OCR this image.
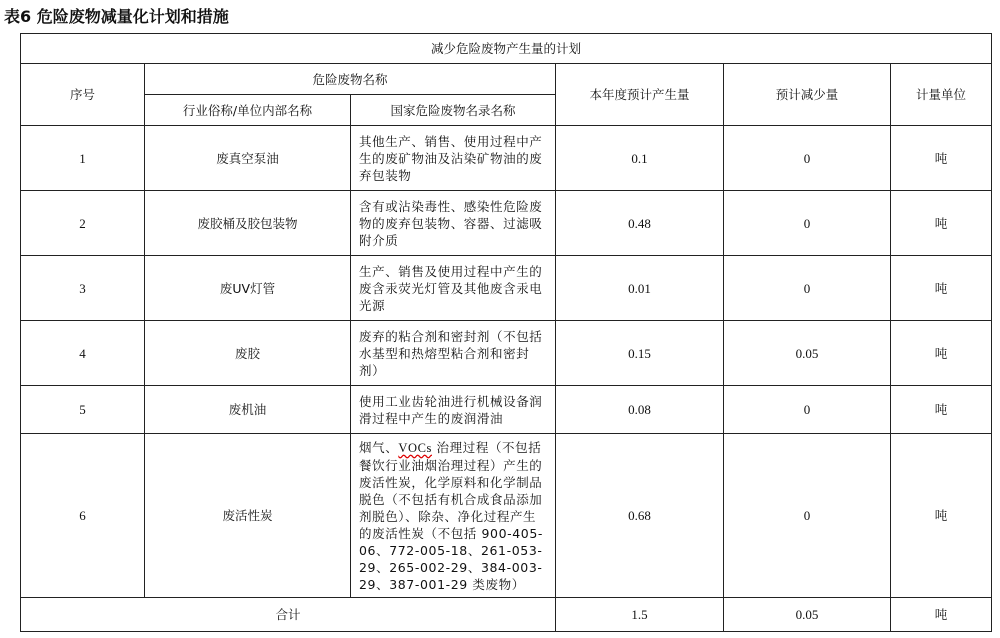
表6 危险废物减量化计划和措施
减少危险废物产生量的计划					
序号	危险废物名称		本年度预计产生量	预计减少量	计量单位
	行业俗称/单位内部名称	国家危险废物名录名称			
1	废真空泵油	其他生产、销售、使用过程中产生的废矿物油及沾染矿物油的废弃包装物	0.1	0	吨
2	废胶桶及胶包装物	含有或沾染毒性、感染性危险废物的废弃包装物、容器、过滤吸附介质	0.48	0	吨
3	废UV灯管	生产、销售及使用过程中产生的废含汞荧光灯管及其他废含汞电光源	0.01	0	吨
4	废胶	废弃的粘合剂和密封剂（不包括水基型和热熔型粘合剂和密封剂）	0.15	0.05	吨
5	废机油	使用工业齿轮油进行机械设备润滑过程中产生的废润滑油	0.08	0	吨
6	废活性炭	烟气、VOCs 治理过程（不包括餐饮行业油烟治理过程）产生的废活性炭，化学原料和化学制品脱色（不包括有机合成食品添加剂脱色）、除杂、净化过程产生的废活性炭（不包括 900-405-06、772-005-18、261-053-29、265-002-29、384-003-29、387-001-29 类废物）	0.68	0	吨
合计			1.5	0.05	吨
